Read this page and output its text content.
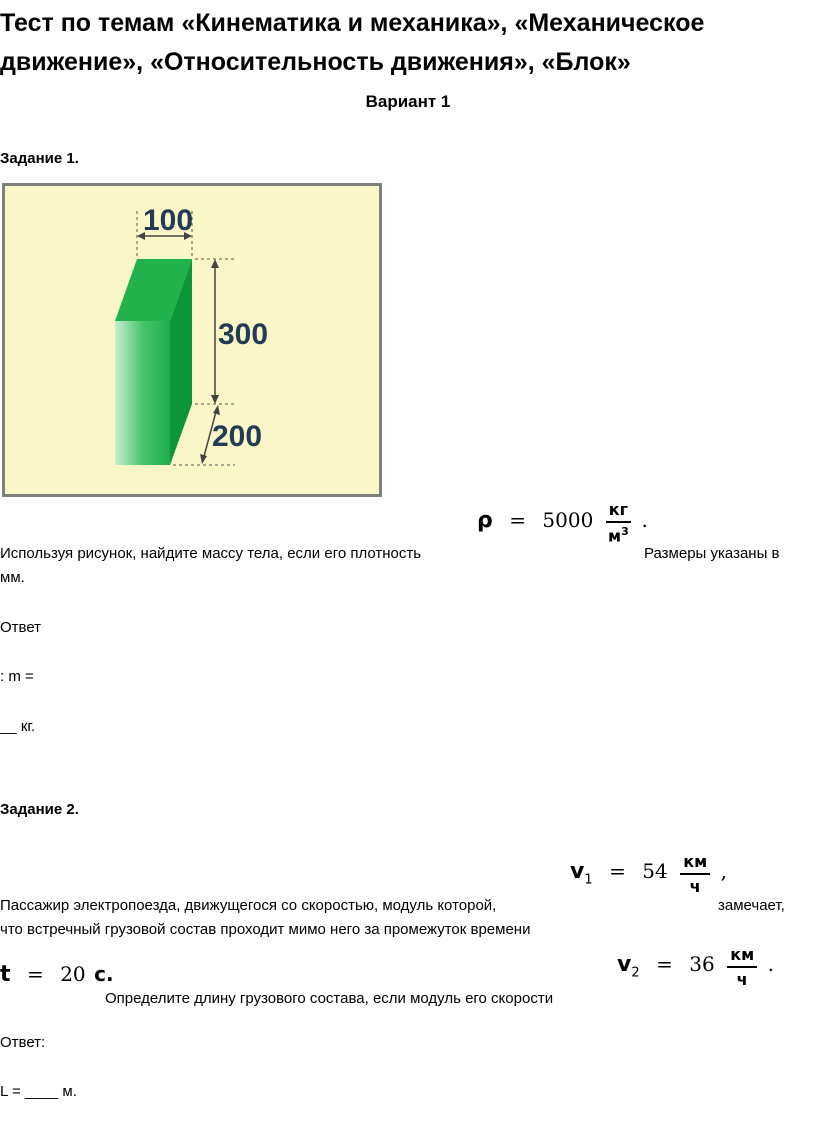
Тест по темам «Кинематика и механика», «Механическое
движение», «Относительность движения», «Блок»
Вариант 1
Задание 1.
100
300
200
$\rho = 5000 \frac{кг}{м^3}$ .
Используя рисунок, найдите массу тела, если его плотность	Размеры указаны в
мм.
Ответ
: m =
__ кг.
Задание 2.
$v_1 = 54 \frac{км}{ч}$ ,
Пассажир электропоезда, движущегося со скоростью, модуль которой,	замечает,
что встречный грузовой состав проходит мимо него за промежуток времени
t = 20 с.	$v_2 = 36 \frac{км}{ч}$ .
Определите длину грузового состава, если модуль его скорости
Ответ:
L = ____ м.
